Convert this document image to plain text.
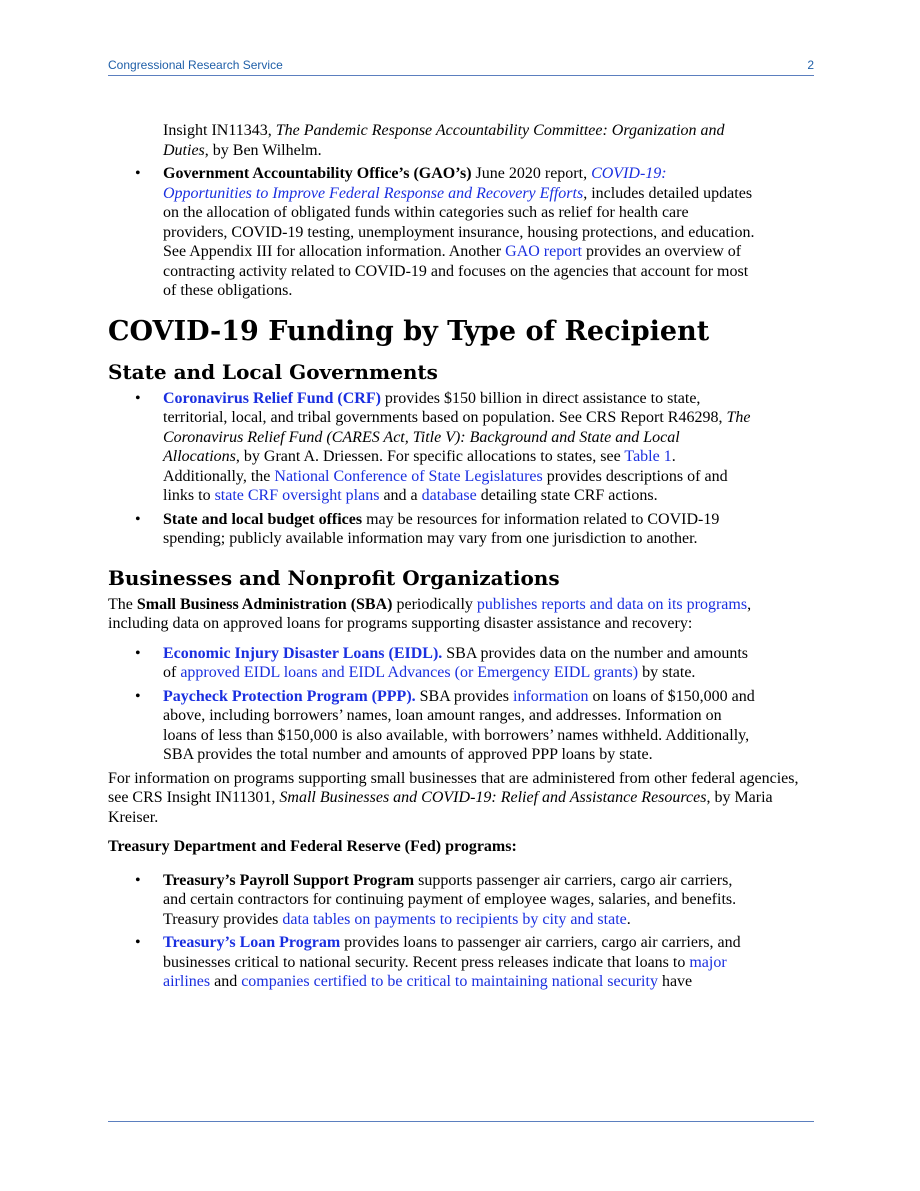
Congressional Research Service	2

Insight IN11343, The Pandemic Response Accountability Committee: Organization and Duties, by Ben Wilhelm.

• Government Accountability Office’s (GAO’s) June 2020 report, COVID-19: Opportunities to Improve Federal Response and Recovery Efforts, includes detailed updates on the allocation of obligated funds within categories such as relief for health care providers, COVID-19 testing, unemployment insurance, housing protections, and education. See Appendix III for allocation information. Another GAO report provides an overview of contracting activity related to COVID-19 and focuses on the agencies that account for most of these obligations.
COVID-19 Funding by Type of Recipient
State and Local Governments
• Coronavirus Relief Fund (CRF) provides $150 billion in direct assistance to state, territorial, local, and tribal governments based on population. See CRS Report R46298, The Coronavirus Relief Fund (CARES Act, Title V): Background and State and Local Allocations, by Grant A. Driessen. For specific allocations to states, see Table 1. Additionally, the National Conference of State Legislatures provides descriptions of and links to state CRF oversight plans and a database detailing state CRF actions.
• State and local budget offices may be resources for information related to COVID-19 spending; publicly available information may vary from one jurisdiction to another.
Businesses and Nonprofit Organizations

The Small Business Administration (SBA) periodically publishes reports and data on its programs, including data on approved loans for programs supporting disaster assistance and recovery:

• Economic Injury Disaster Loans (EIDL). SBA provides data on the number and amounts of approved EIDL loans and EIDL Advances (or Emergency EIDL grants) by state.
• Paycheck Protection Program (PPP). SBA provides information on loans of $150,000 and above, including borrowers’ names, loan amount ranges, and addresses. Information on loans of less than $150,000 is also available, with borrowers’ names withheld. Additionally, SBA provides the total number and amounts of approved PPP loans by state.

For information on programs supporting small businesses that are administered from other federal agencies, see CRS Insight IN11301, Small Businesses and COVID-19: Relief and Assistance Resources, by Maria Kreiser.

Treasury Department and Federal Reserve (Fed) programs:

• Treasury’s Payroll Support Program supports passenger air carriers, cargo air carriers, and certain contractors for continuing payment of employee wages, salaries, and benefits. Treasury provides data tables on payments to recipients by city and state.
• Treasury’s Loan Program provides loans to passenger air carriers, cargo air carriers, and businesses critical to national security. Recent press releases indicate that loans to major airlines and companies certified to be critical to maintaining national security have
